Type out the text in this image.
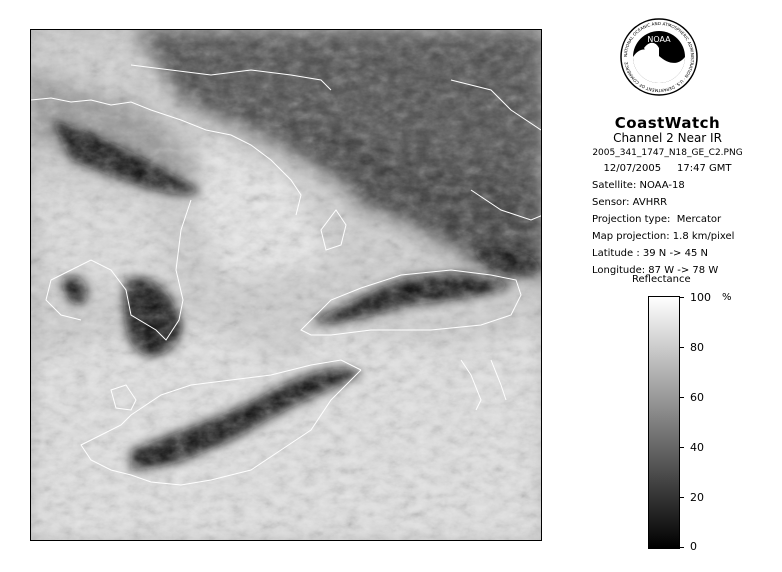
NOAA
NATIONAL OCEANIC AND ATMOSPHERIC ADMINISTRATION · U.S. DEPARTMENT OF COMMERCE
CoastWatch
Channel 2 Near IR
2005_341_1747_N18_GE_C2.PNG
12/07/2005     17:47 GMT
Satellite: NOAA-18
Sensor: AVHRR
Projection type:  Mercator
Map projection: 1.8 km/pixel
Latitude : 39 N -> 45 N
Longitude: 87 W -> 78 W
Reflectance
%
100
80
60
40
20
0
